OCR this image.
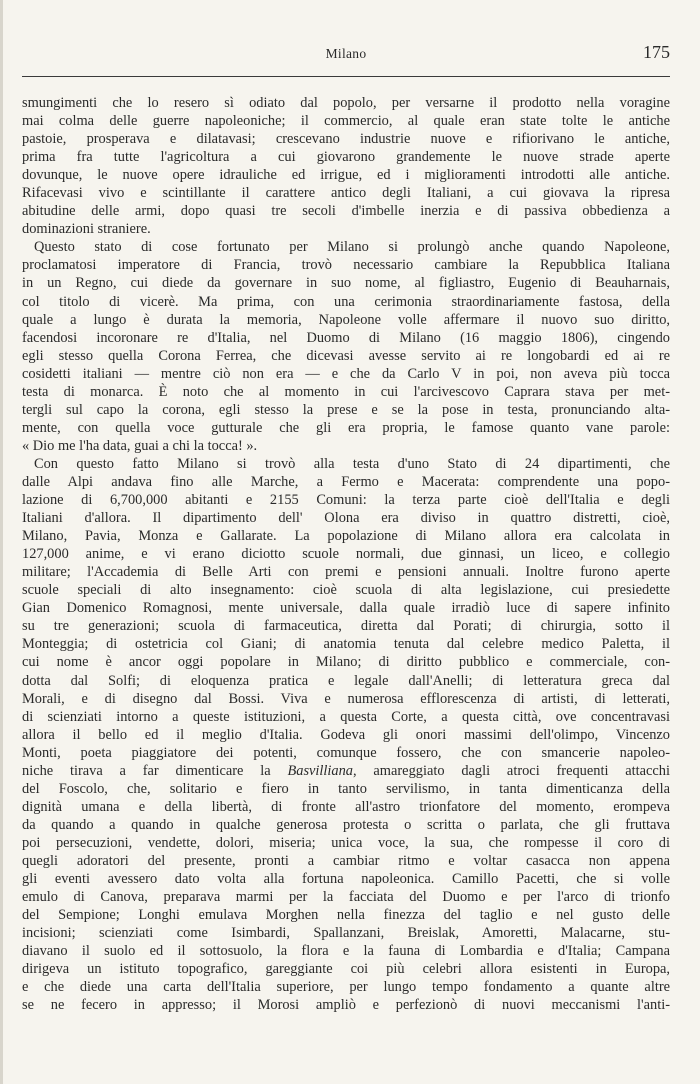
Milano	175
smungimenti che lo resero sì odiato dal popolo, per versarne il prodotto nella voragine
mai colma delle guerre napoleoniche; il commercio, al quale eran state tolte le antiche
pastoie, prosperava e dilatavasi; crescevano industrie nuove e rifiorivano le antiche,
prima fra tutte l'agricoltura a cui giovarono grandemente le nuove strade aperte
dovunque, le nuove opere idrauliche ed irrigue, ed i miglioramenti introdotti alle antiche.
Rifacevasi vivo e scintillante il carattere antico degli Italiani, a cui giovava la ripresa
abitudine delle armi, dopo quasi tre secoli d'imbelle inerzia e di passiva obbedienza a
dominazioni straniere.
Questo stato di cose fortunato per Milano si prolungò anche quando Napoleone,
proclamatosi imperatore di Francia, trovò necessario cambiare la Repubblica Italiana
in un Regno, cui diede da governare in suo nome, al figliastro, Eugenio di Beauharnais,
col titolo di vicerè. Ma prima, con una cerimonia straordinariamente fastosa, della
quale a lungo è durata la memoria, Napoleone volle affermare il nuovo suo diritto,
facendosi incoronare re d'Italia, nel Duomo di Milano (16 maggio 1806), cingendo
egli stesso quella Corona Ferrea, che dicevasi avesse servito ai re longobardi ed ai re
cosidetti italiani — mentre ciò non era — e che da Carlo V in poi, non aveva più tocca
testa di monarca. È noto che al momento in cui l'arcivescovo Caprara stava per met-
tergli sul capo la corona, egli stesso la prese e se la pose in testa, pronunciando alta-
mente, con quella voce gutturale che gli era propria, le famose quanto vane parole:
« Dio me l'ha data, guai a chi la tocca! ».
Con questo fatto Milano si trovò alla testa d'uno Stato di 24 dipartimenti, che
dalle Alpi andava fino alle Marche, a Fermo e Macerata: comprendente una popo-
lazione di 6,700,000 abitanti e 2155 Comuni: la terza parte cioè dell'Italia e degli
Italiani d'allora. Il dipartimento dell' Olona era diviso in quattro distretti, cioè,
Milano, Pavia, Monza e Gallarate. La popolazione di Milano allora era calcolata in
127,000 anime, e vi erano diciotto scuole normali, due ginnasi, un liceo, e collegio
militare; l'Accademia di Belle Arti con premi e pensioni annuali. Inoltre furono aperte
scuole speciali di alto insegnamento: cioè scuola di alta legislazione, cui presiedette
Gian Domenico Romagnosi, mente universale, dalla quale irradiò luce di sapere infinito
su tre generazioni; scuola di farmaceutica, diretta dal Porati; di chirurgia, sotto il
Monteggia; di ostetricia col Giani; di anatomia tenuta dal celebre medico Paletta, il
cui nome è ancor oggi popolare in Milano; di diritto pubblico e commerciale, con-
dotta dal Solfi; di eloquenza pratica e legale dall'Anelli; di letteratura greca dal
Morali, e di disegno dal Bossi. Viva e numerosa efflorescenza di artisti, di letterati,
di scienziati intorno a queste istituzioni, a questa Corte, a questa città, ove concentravasi
allora il bello ed il meglio d'Italia. Godeva gli onori massimi dell'olimpo, Vincenzo
Monti, poeta piaggiatore dei potenti, comunque fossero, che con smancerie napoleo-
niche tirava a far dimenticare la Basvilliana, amareggiato dagli atroci frequenti attacchi
del Foscolo, che, solitario e fiero in tanto servilismo, in tanta dimenticanza della
dignità umana e della libertà, di fronte all'astro trionfatore del momento, erompeva
da quando a quando in qualche generosa protesta o scritta o parlata, che gli fruttava
poi persecuzioni, vendette, dolori, miseria; unica voce, la sua, che rompesse il coro di
quegli adoratori del presente, pronti a cambiar ritmo e voltar casacca non appena
gli eventi avessero dato volta alla fortuna napoleonica. Camillo Pacetti, che si volle
emulo di Canova, preparava marmi per la facciata del Duomo e per l'arco di trionfo
del Sempione; Longhi emulava Morghen nella finezza del taglio e nel gusto delle
incisioni; scienziati come Isimbardi, Spallanzani, Breislak, Amoretti, Malacarne, stu-
diavano il suolo ed il sottosuolo, la flora e la fauna di Lombardia e d'Italia; Campana
dirigeva un istituto topografico, gareggiante coi più celebri allora esistenti in Europa,
e che diede una carta dell'Italia superiore, per lungo tempo fondamento a quante altre
se ne fecero in appresso; il Morosi ampliò e perfezionò di nuovi meccanismi l'anti-
